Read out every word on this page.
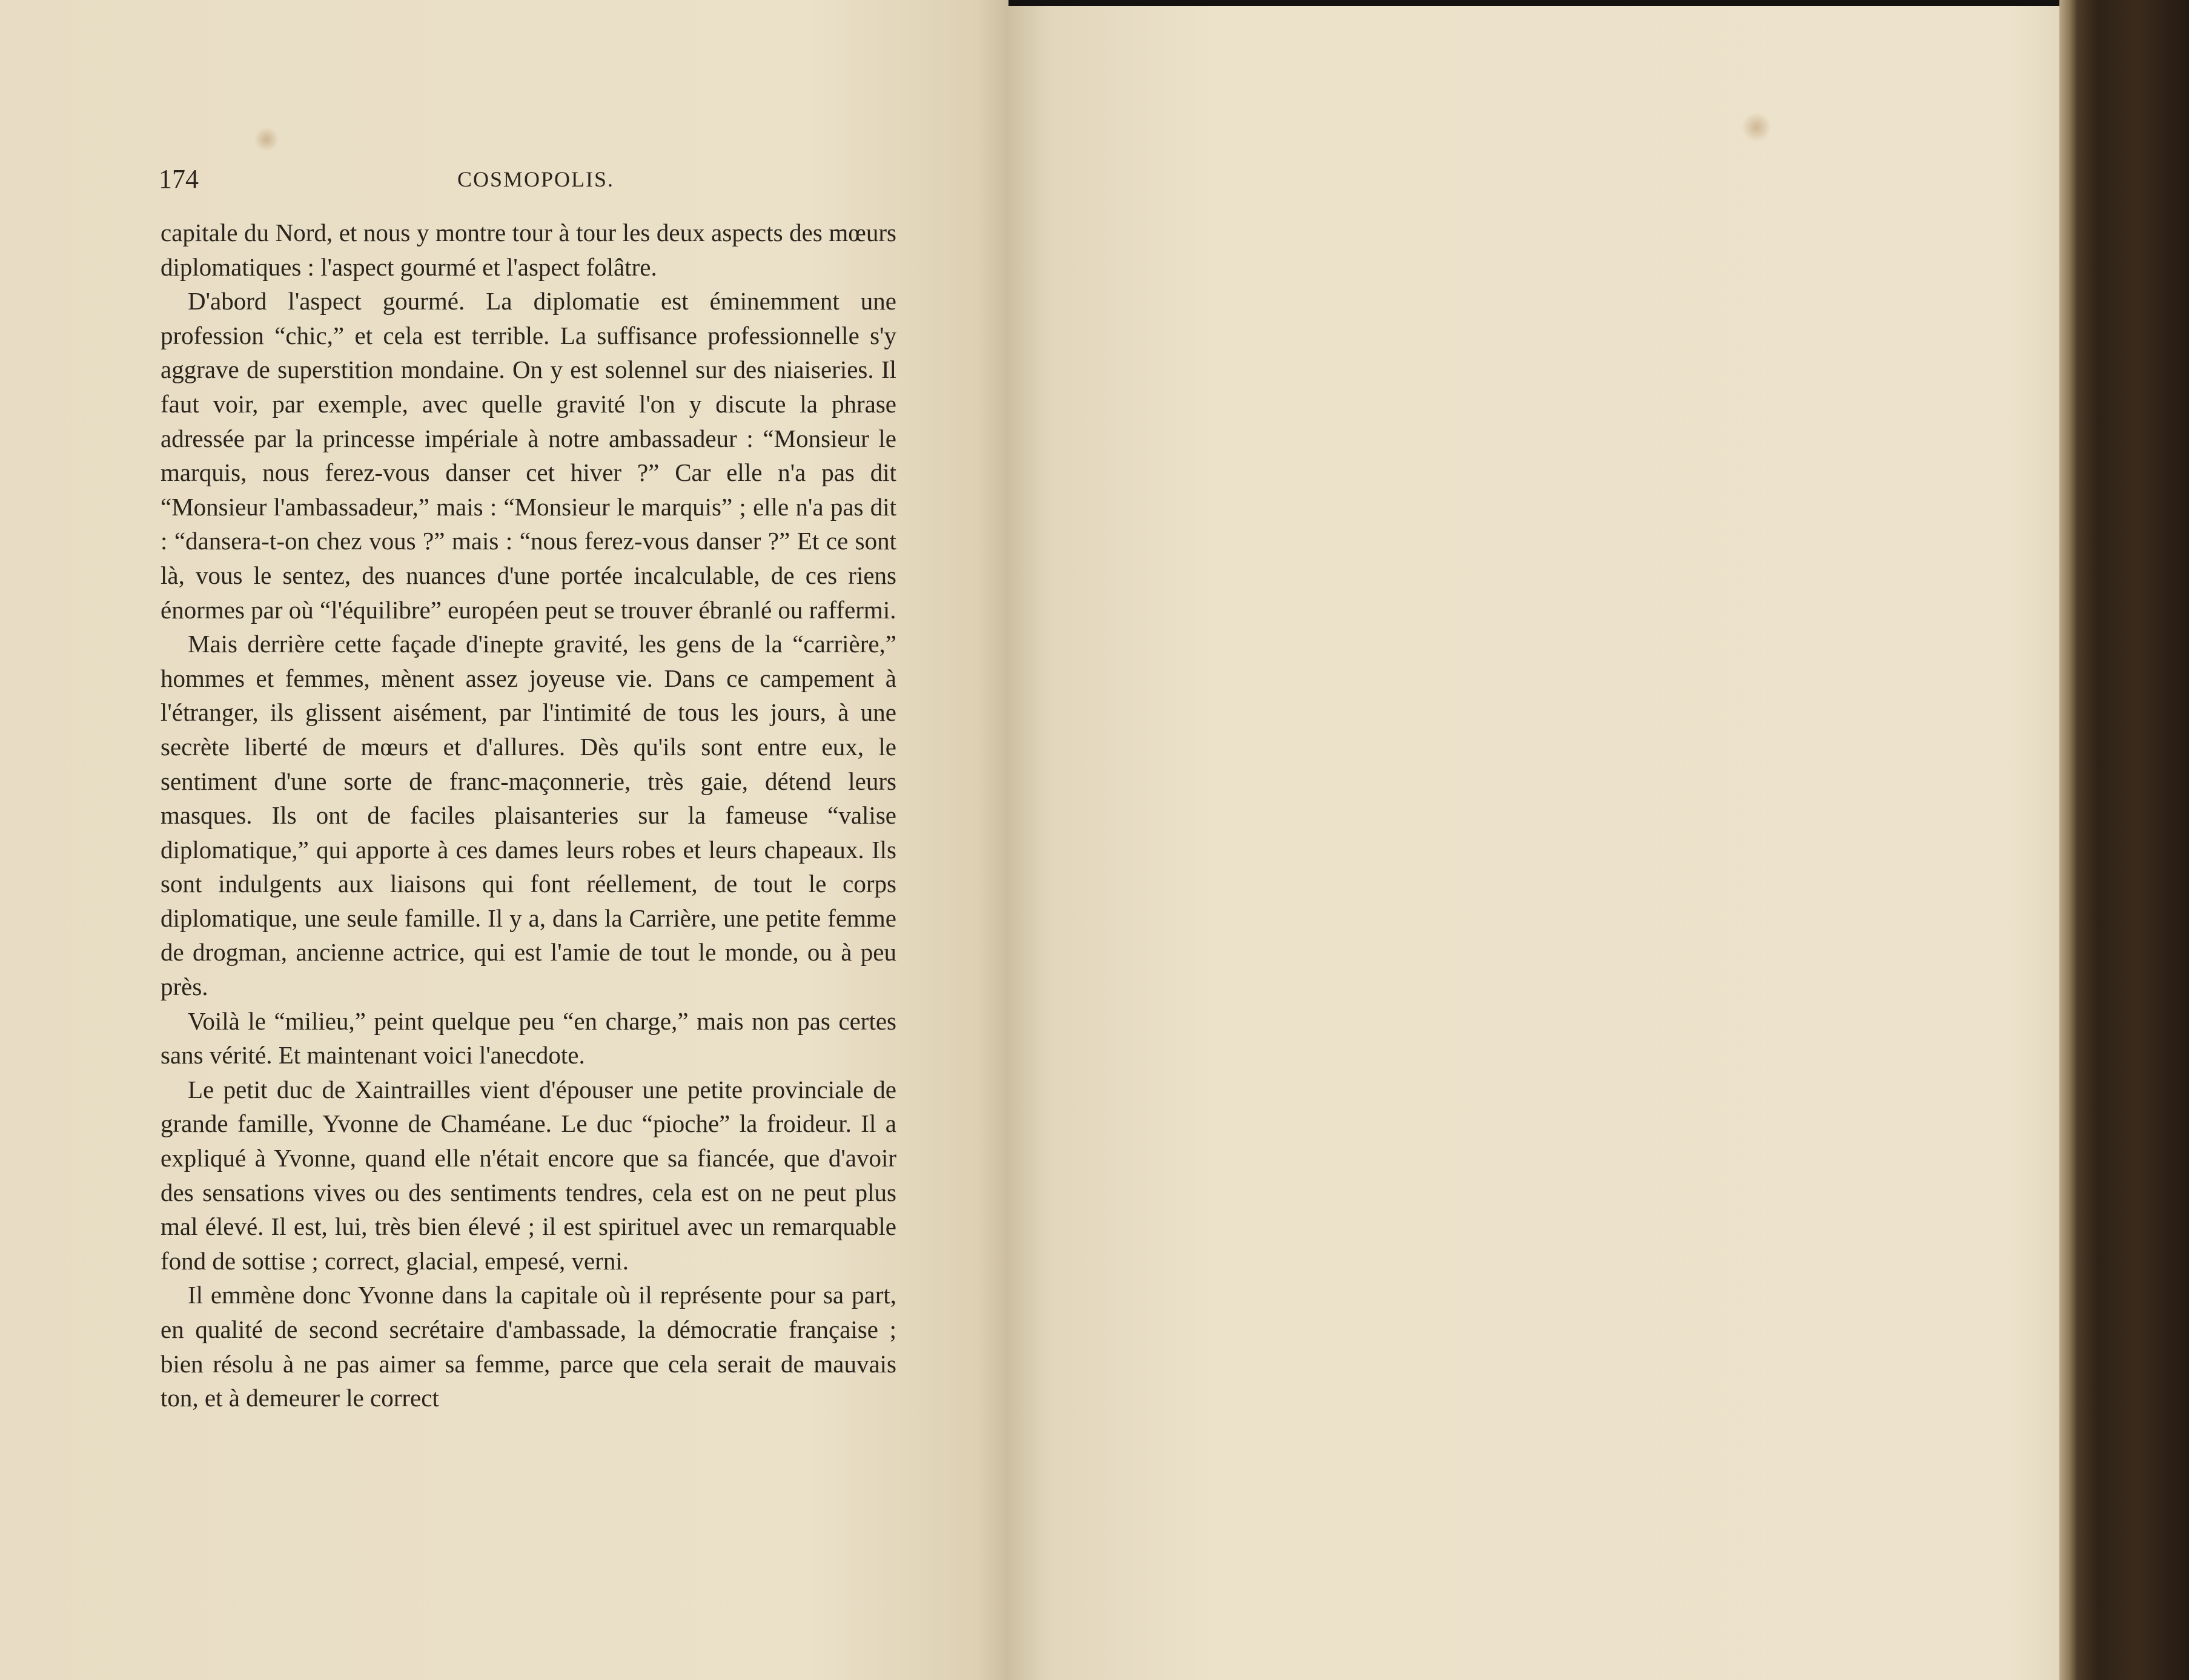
174	COSMOPOLIS.

capitale du Nord, et nous y montre tour à tour les deux aspects des mœurs diplomatiques : l'aspect gourmé et l'aspect folâtre.

D'abord l'aspect gourmé. La diplomatie est éminemment une profession “chic,” et cela est terrible. La suffisance professionnelle s'y aggrave de superstition mondaine. On y est solennel sur des niaiseries. Il faut voir, par exemple, avec quelle gravité l'on y discute la phrase adressée par la princesse impériale à notre ambassadeur : “Monsieur le marquis, nous ferez-vous danser cet hiver ?” Car elle n'a pas dit “Monsieur l'ambassadeur,” mais : “Monsieur le marquis” ; elle n'a pas dit : “dansera-t-on chez vous ?” mais : “nous ferez-vous danser ?” Et ce sont là, vous le sentez, des nuances d'une portée incalculable, de ces riens énormes par où “l'équilibre” européen peut se trouver ébranlé ou raffermi.

Mais derrière cette façade d'inepte gravité, les gens de la “carrière,” hommes et femmes, mènent assez joyeuse vie. Dans ce campement à l'étranger, ils glissent aisément, par l'intimité de tous les jours, à une secrète liberté de mœurs et d'allures. Dès qu'ils sont entre eux, le sentiment d'une sorte de franc-maçonnerie, très gaie, détend leurs masques. Ils ont de faciles plaisanteries sur la fameuse “valise diplomatique,” qui apporte à ces dames leurs robes et leurs chapeaux. Ils sont indulgents aux liaisons qui font réellement, de tout le corps diplomatique, une seule famille. Il y a, dans la Carrière, une petite femme de drogman, ancienne actrice, qui est l'amie de tout le monde, ou à peu près.

Voilà le “milieu,” peint quelque peu “en charge,” mais non pas certes sans vérité. Et maintenant voici l'anecdote.

Le petit duc de Xaintrailles vient d'épouser une petite provinciale de grande famille, Yvonne de Chaméane. Le duc “pioche” la froideur. Il a expliqué à Yvonne, quand elle n'était encore que sa fiancée, que d'avoir des sensations vives ou des sentiments tendres, cela est on ne peut plus mal élevé. Il est, lui, très bien élevé ; il est spirituel avec un remarquable fond de sottise ; correct, glacial, empesé, verni.

Il emmène donc Yvonne dans la capitale où il représente pour sa part, en qualité de second secrétaire d'ambassade, la démocratie française ; bien résolu à ne pas aimer sa femme, parce que cela serait de mauvais ton, et à demeurer le correct
